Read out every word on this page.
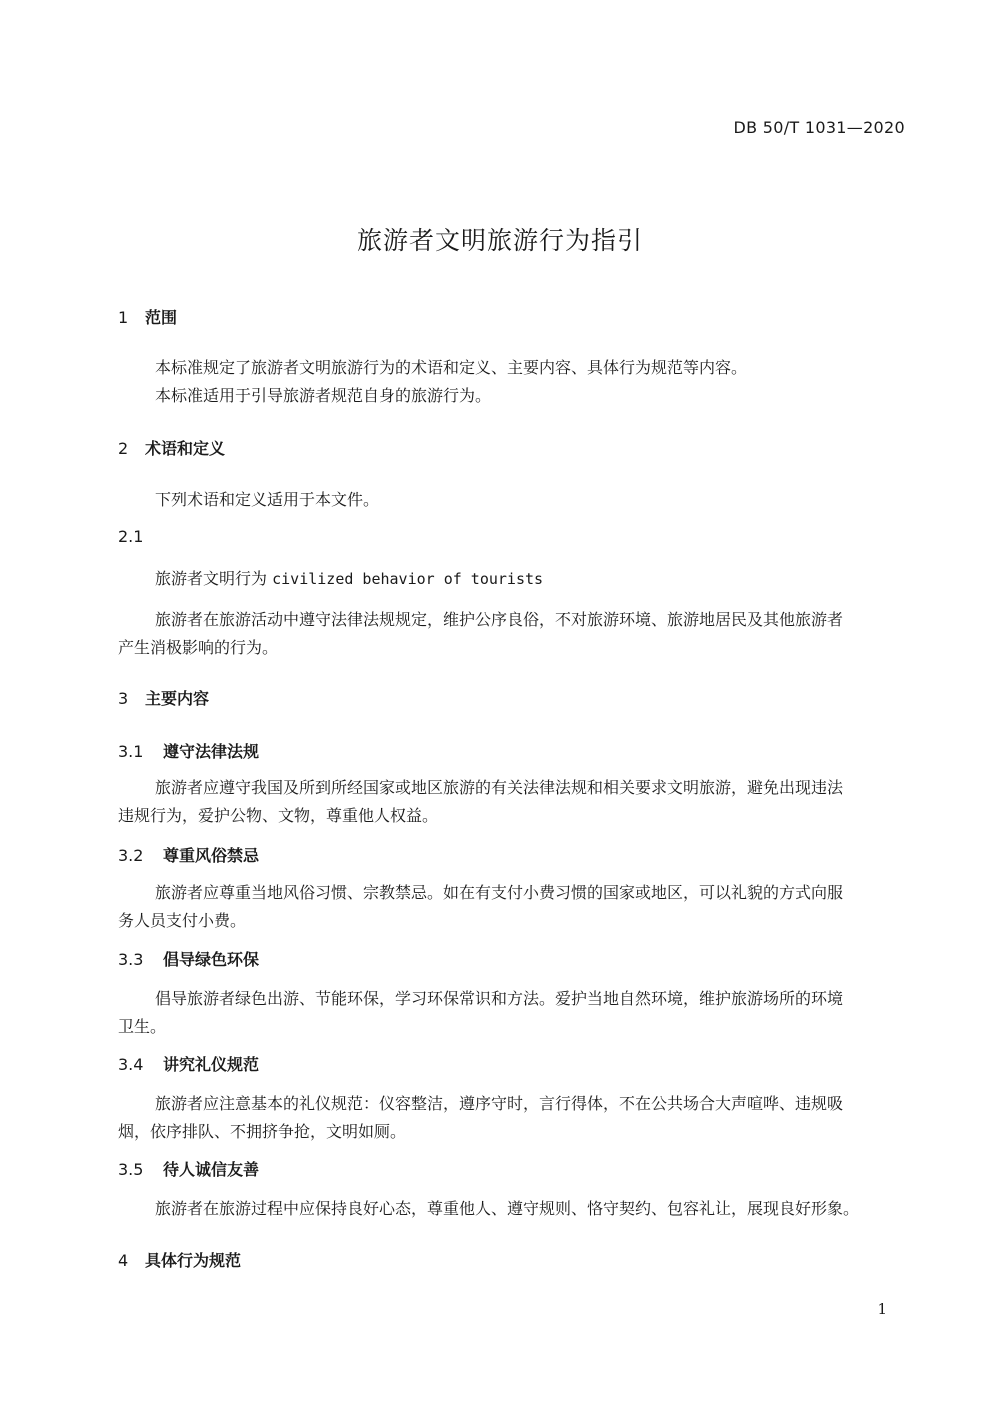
DB 50/T 1031—2020
旅游者文明旅游行为指引
1 范围
本标准规定了旅游者文明旅游行为的术语和定义、主要内容、具体行为规范等内容。
本标准适用于引导旅游者规范自身的旅游行为。
2 术语和定义
下列术语和定义适用于本文件。
2.1
旅游者文明行为 civilized behavior of tourists
旅游者在旅游活动中遵守法律法规规定，维护公序良俗，不对旅游环境、旅游地居民及其他旅游者
产生消极影响的行为。
3 主要内容
3.1 遵守法律法规
旅游者应遵守我国及所到所经国家或地区旅游的有关法律法规和相关要求文明旅游，避免出现违法
违规行为，爱护公物、文物，尊重他人权益。
3.2 尊重风俗禁忌
旅游者应尊重当地风俗习惯、宗教禁忌。如在有支付小费习惯的国家或地区，可以礼貌的方式向服
务人员支付小费。
3.3 倡导绿色环保
倡导旅游者绿色出游、节能环保，学习环保常识和方法。爱护当地自然环境，维护旅游场所的环境
卫生。
3.4 讲究礼仪规范
旅游者应注意基本的礼仪规范：仪容整洁，遵序守时，言行得体，不在公共场合大声喧哗、违规吸
烟，依序排队、不拥挤争抢，文明如厕。
3.5 待人诚信友善
旅游者在旅游过程中应保持良好心态，尊重他人、遵守规则、恪守契约、包容礼让，展现良好形象。
4 具体行为规范
1
